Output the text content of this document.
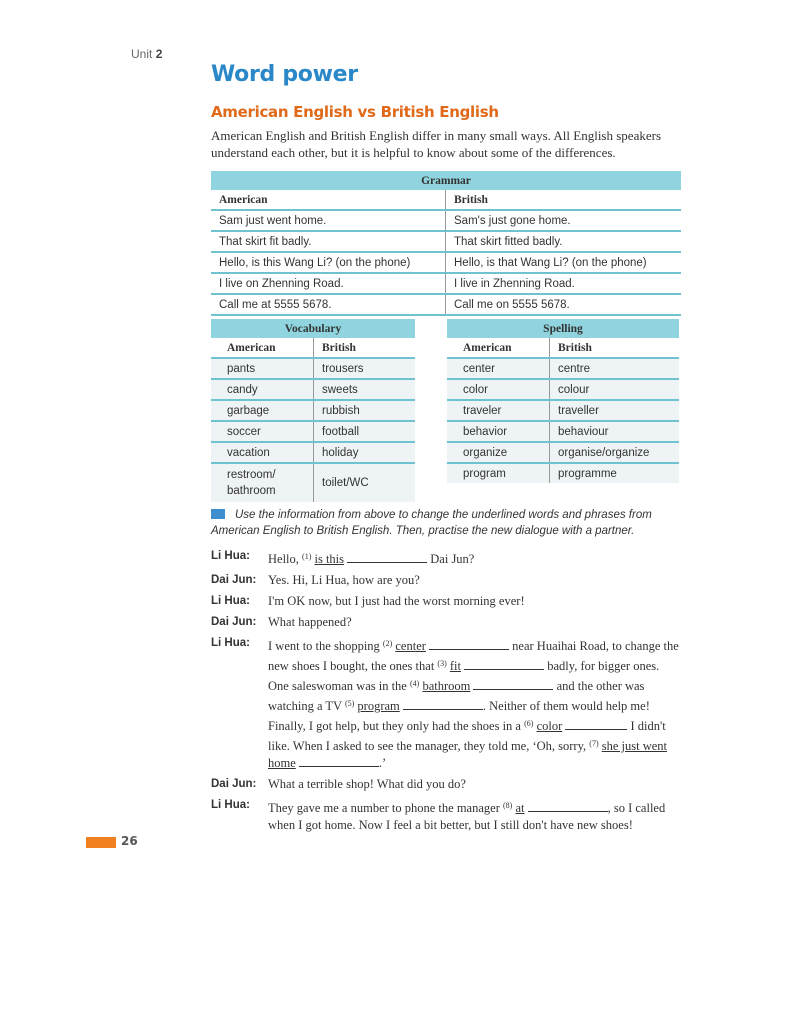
Unit 2
Word power
American English vs British English
American English and British English differ in many small ways. All English speakers understand each other, but it is helpful to know about some of the differences.
Grammar	
American	British
Sam just went home.	Sam's just gone home.
That skirt fit badly.	That skirt fitted badly.
Hello, is this Wang Li? (on the phone)	Hello, is that Wang Li? (on the phone)
I live on Zhenning Road.	I live in Zhenning Road.
Call me at 5555 5678.	Call me on 5555 5678.
Vocabulary	
American	British
pants	trousers
candy	sweets
garbage	rubbish
soccer	football
vacation	holiday
restroom/
bathroom	toilet/WC
Spelling	
American	British
center	centre
color	colour
traveler	traveller
behavior	behaviour
organize	organise/organize
program	programme
Use the information from above to change the underlined words and phrases from American English to British English. Then, practise the new dialogue with a partner.
Li Hua:	Hello, $^{(1)}$ is this	Dai Jun?
Dai Jun: Yes. Hi, Li Hua, how are you?
Li Hua:	I'm OK now, but I just had the worst morning ever!
Dai Jun: What happened?
Li Hua:	I went to the shopping $^{(2)}$ center	near Huaihai Road, to change the new shoes I bought, the ones that $^{(3)}$ fit	badly, for bigger ones. One saleswoman was in the $^{(4)}$ bathroom	and the other was watching a TV $^{(5)}$ program	. Neither of them would help me! Finally, I got help, but they only had the shoes in a $^{(6)}$ color	I didn't like. When I asked to see the manager, they told me, ‘Oh, sorry, $^{(7)}$ she just went home	.’
Dai Jun: What a terrible shop! What did you do?
Li Hua:	They gave me a number to phone the manager $^{(8)}$ at	, so I called when I got home. Now I feel a bit better, but I still don't have new shoes!
26
